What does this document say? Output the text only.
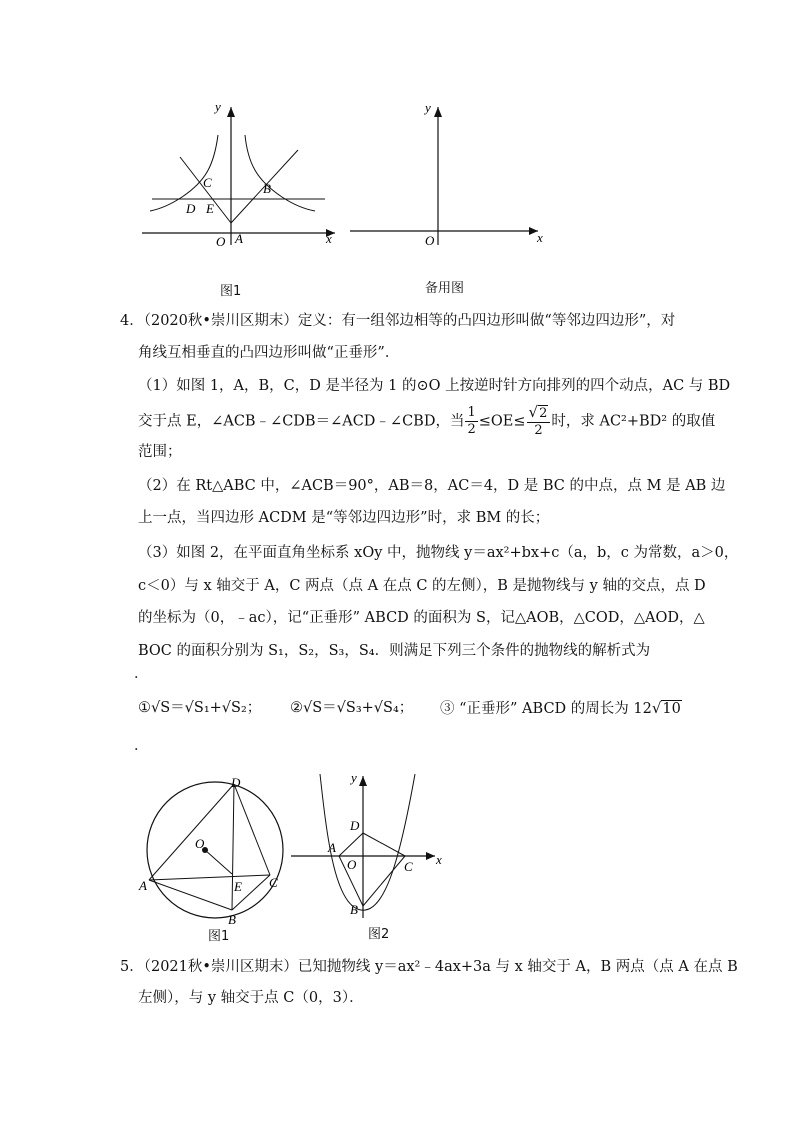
y
x
O A
B
C
D E
图1
y
x
O
备用图
4．（2020秋•崇川区期末）定义：有一组邻边相等的凸四边形叫做“等邻边四边形”，对
角线互相垂直的凸四边形叫做“正垂形”．
（1）如图 1，A，B，C，D 是半径为 1 的⊙O 上按逆时针方向排列的四个动点，AC 与 BD
交于点 E，∠ACB﹣∠CDB＝∠ACD﹣∠CBD，当 $\frac{1}{2} \le OE\le \frac{√2}{2}$ 时，求 AC²+BD² 的取值
范围；
（2）在 Rt△ABC 中，∠ACB＝90°，AB＝8，AC＝4，D 是 BC 的中点，点 M 是 AB 边
上一点，当四边形 ACDM 是“等邻边四边形”时，求 BM 的长；
（3）如图 2，在平面直角坐标系 xOy 中，抛物线 y＝ax²+bx+c（a，b，c 为常数，a＞0，
c＜0）与 x 轴交于 A，C 两点（点 A 在点 C 的左侧），B 是抛物线与 y 轴的交点，点 D
的坐标为（0，﹣ac），记“正垂形” ABCD 的面积为 S，记△AOB，△COD，△AOD，△
BOC 的面积分别为 S₁，S₂，S₃，S₄．则满足下列三个条件的抛物线的解析式为
．
①√S＝√S₁+√S₂； ②√S＝√S₃+√S₄； ③ “正垂形” ABCD 的周长为 12√10
．
D
O
A	E C
B
图1
y
x
D
A
O	C
B
图2
5．（2021秋•崇川区期末）已知抛物线 y＝ax²﹣4ax+3a 与 x 轴交于 A，B 两点（点 A 在点 B
左侧），与 y 轴交于点 C（0，3）．
